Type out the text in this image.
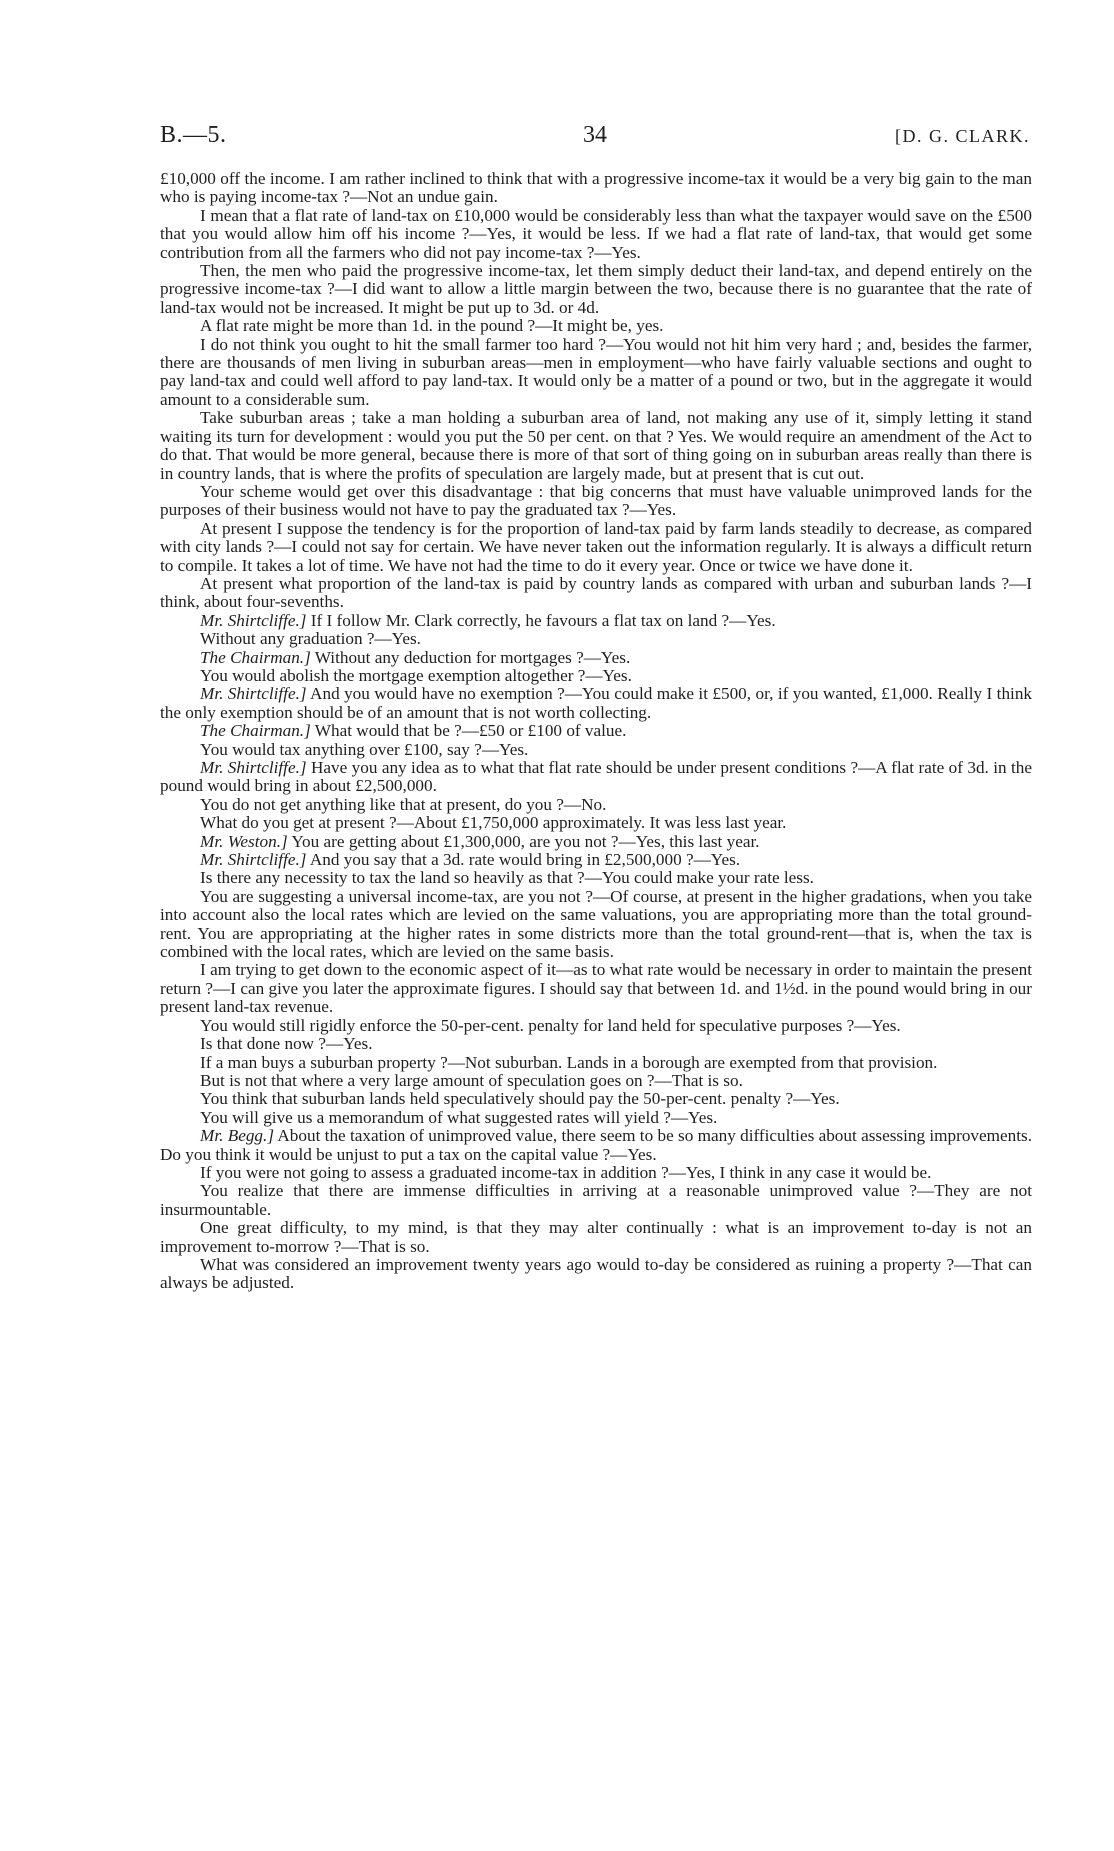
B.—5.	34	[D. G. CLARK.

£10,000 off the income. I am rather inclined to think that with a progressive income-tax it would be a very big gain to the man who is paying income-tax ?—Not an undue gain.

I mean that a flat rate of land-tax on £10,000 would be considerably less than what the taxpayer would save on the £500 that you would allow him off his income ?—Yes, it would be less. If we had a flat rate of land-tax, that would get some contribution from all the farmers who did not pay income-tax ?—Yes.

Then, the men who paid the progressive income-tax, let them simply deduct their land-tax, and depend entirely on the progressive income-tax ?—I did want to allow a little margin between the two, because there is no guarantee that the rate of land-tax would not be increased. It might be put up to 3d. or 4d.

A flat rate might be more than 1d. in the pound ?—It might be, yes.

I do not think you ought to hit the small farmer too hard ?—You would not hit him very hard ; and, besides the farmer, there are thousands of men living in suburban areas—men in employment—who have fairly valuable sections and ought to pay land-tax and could well afford to pay land-tax. It would only be a matter of a pound or two, but in the aggregate it would amount to a considerable sum.

Take suburban areas ; take a man holding a suburban area of land, not making any use of it, simply letting it stand waiting its turn for development : would you put the 50 per cent. on that ? Yes. We would require an amendment of the Act to do that. That would be more general, because there is more of that sort of thing going on in suburban areas really than there is in country lands, that is where the profits of speculation are largely made, but at present that is cut out.

Your scheme would get over this disadvantage : that big concerns that must have valuable unimproved lands for the purposes of their business would not have to pay the graduated tax ?—Yes.

At present I suppose the tendency is for the proportion of land-tax paid by farm lands steadily to decrease, as compared with city lands ?—I could not say for certain. We have never taken out the information regularly. It is always a difficult return to compile. It takes a lot of time. We have not had the time to do it every year. Once or twice we have done it.

At present what proportion of the land-tax is paid by country lands as compared with urban and suburban lands ?—I think, about four-sevenths.

Mr. Shirtcliffe.] If I follow Mr. Clark correctly, he favours a flat tax on land ?—Yes.

Without any graduation ?—Yes.

The Chairman.] Without any deduction for mortgages ?—Yes.

You would abolish the mortgage exemption altogether ?—Yes.

Mr. Shirtcliffe.] And you would have no exemption ?—You could make it £500, or, if you wanted, £1,000. Really I think the only exemption should be of an amount that is not worth collecting.

The Chairman.] What would that be ?—£50 or £100 of value.

You would tax anything over £100, say ?—Yes.

Mr. Shirtcliffe.] Have you any idea as to what that flat rate should be under present conditions ?—A flat rate of 3d. in the pound would bring in about £2,500,000.

You do not get anything like that at present, do you ?—No.

What do you get at present ?—About £1,750,000 approximately. It was less last year.

Mr. Weston.] You are getting about £1,300,000, are you not ?—Yes, this last year.

Mr. Shirtcliffe.] And you say that a 3d. rate would bring in £2,500,000 ?—Yes.

Is there any necessity to tax the land so heavily as that ?—You could make your rate less.

You are suggesting a universal income-tax, are you not ?—Of course, at present in the higher gradations, when you take into account also the local rates which are levied on the same valuations, you are appropriating more than the total ground-rent. You are appropriating at the higher rates in some districts more than the total ground-rent—that is, when the tax is combined with the local rates, which are levied on the same basis.

I am trying to get down to the economic aspect of it—as to what rate would be necessary in order to maintain the present return ?—I can give you later the approximate figures. I should say that between 1d. and 1½d. in the pound would bring in our present land-tax revenue.

You would still rigidly enforce the 50-per-cent. penalty for land held for speculative purposes ?—Yes.

Is that done now ?—Yes.

If a man buys a suburban property ?—Not suburban. Lands in a borough are exempted from that provision.

But is not that where a very large amount of speculation goes on ?—That is so.

You think that suburban lands held speculatively should pay the 50-per-cent. penalty ?—Yes.

You will give us a memorandum of what suggested rates will yield ?—Yes.

Mr. Begg.] About the taxation of unimproved value, there seem to be so many difficulties about assessing improvements. Do you think it would be unjust to put a tax on the capital value ?—Yes.

If you were not going to assess a graduated income-tax in addition ?—Yes, I think in any case it would be.

You realize that there are immense difficulties in arriving at a reasonable unimproved value ?—They are not insurmountable.

One great difficulty, to my mind, is that they may alter continually : what is an improvement to-day is not an improvement to-morrow ?—That is so.

What was considered an improvement twenty years ago would to-day be considered as ruining a property ?—That can always be adjusted.
